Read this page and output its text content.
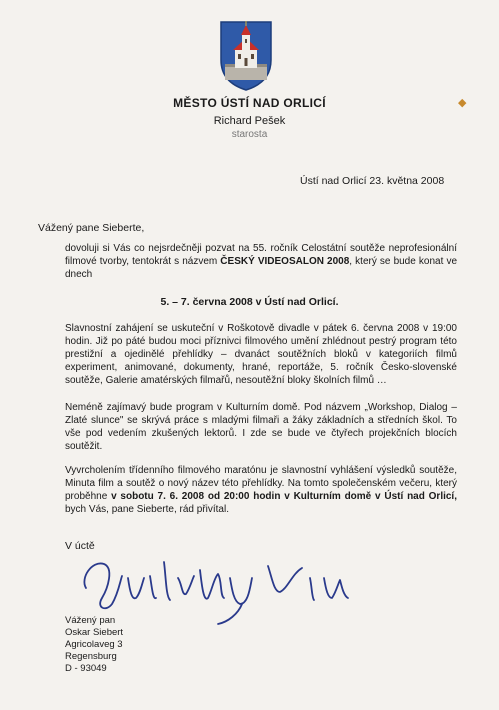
MĚSTO ÚSTÍ NAD ORLICÍ
Richard Pešek
starosta
◆
Ústí nad Orlicí 23. května 2008
Vážený pane Sieberte,
dovoluji si Vás co nejsrdečněji pozvat na 55. ročník Celostátní soutěže neprofesionální filmové tvorby, tentokrát s názvem ČESKÝ VIDEOSALON 2008, který se bude konat ve dnech
5. – 7. června 2008 v Ústí nad Orlicí.
Slavnostní zahájení se uskuteční v Roškotově divadle v pátek 6. června 2008 v 19:00 hodin. Již po páté budou moci příznivci filmového umění zhlédnout pestrý program této prestižní a ojedinělé přehlídky – dvanáct soutěžních bloků v kategoriích filmů experiment, animované, dokumenty, hrané, reportáže, 5. ročník Česko-slovenské soutěže, Galerie amatérských filmařů, nesoutěžní bloky školních filmů …
Neméně zajímavý bude program v Kulturním domě. Pod názvem „Workshop, Dialog – Zlaté slunce" se skrývá práce s mladými filmaři a žáky základních a středních škol. To vše pod vedením zkušených lektorů. I zde se bude ve čtyřech projekčních blocích soutěžit.
Vyvrcholením třídenního filmového maratónu je slavnostní vyhlášení výsledků soutěže, Minuta film a soutěž o nový název této přehlídky. Na tomto společenském večeru, který proběhne v sobotu 7. 6. 2008 od 20:00 hodin v Kulturním domě v Ústí nad Orlicí, bych Vás, pane Sieberte, rád přivítal.
V úctě
Vážený pan
Oskar Siebert
Agricolaveg 3
Regensburg
D - 93049
